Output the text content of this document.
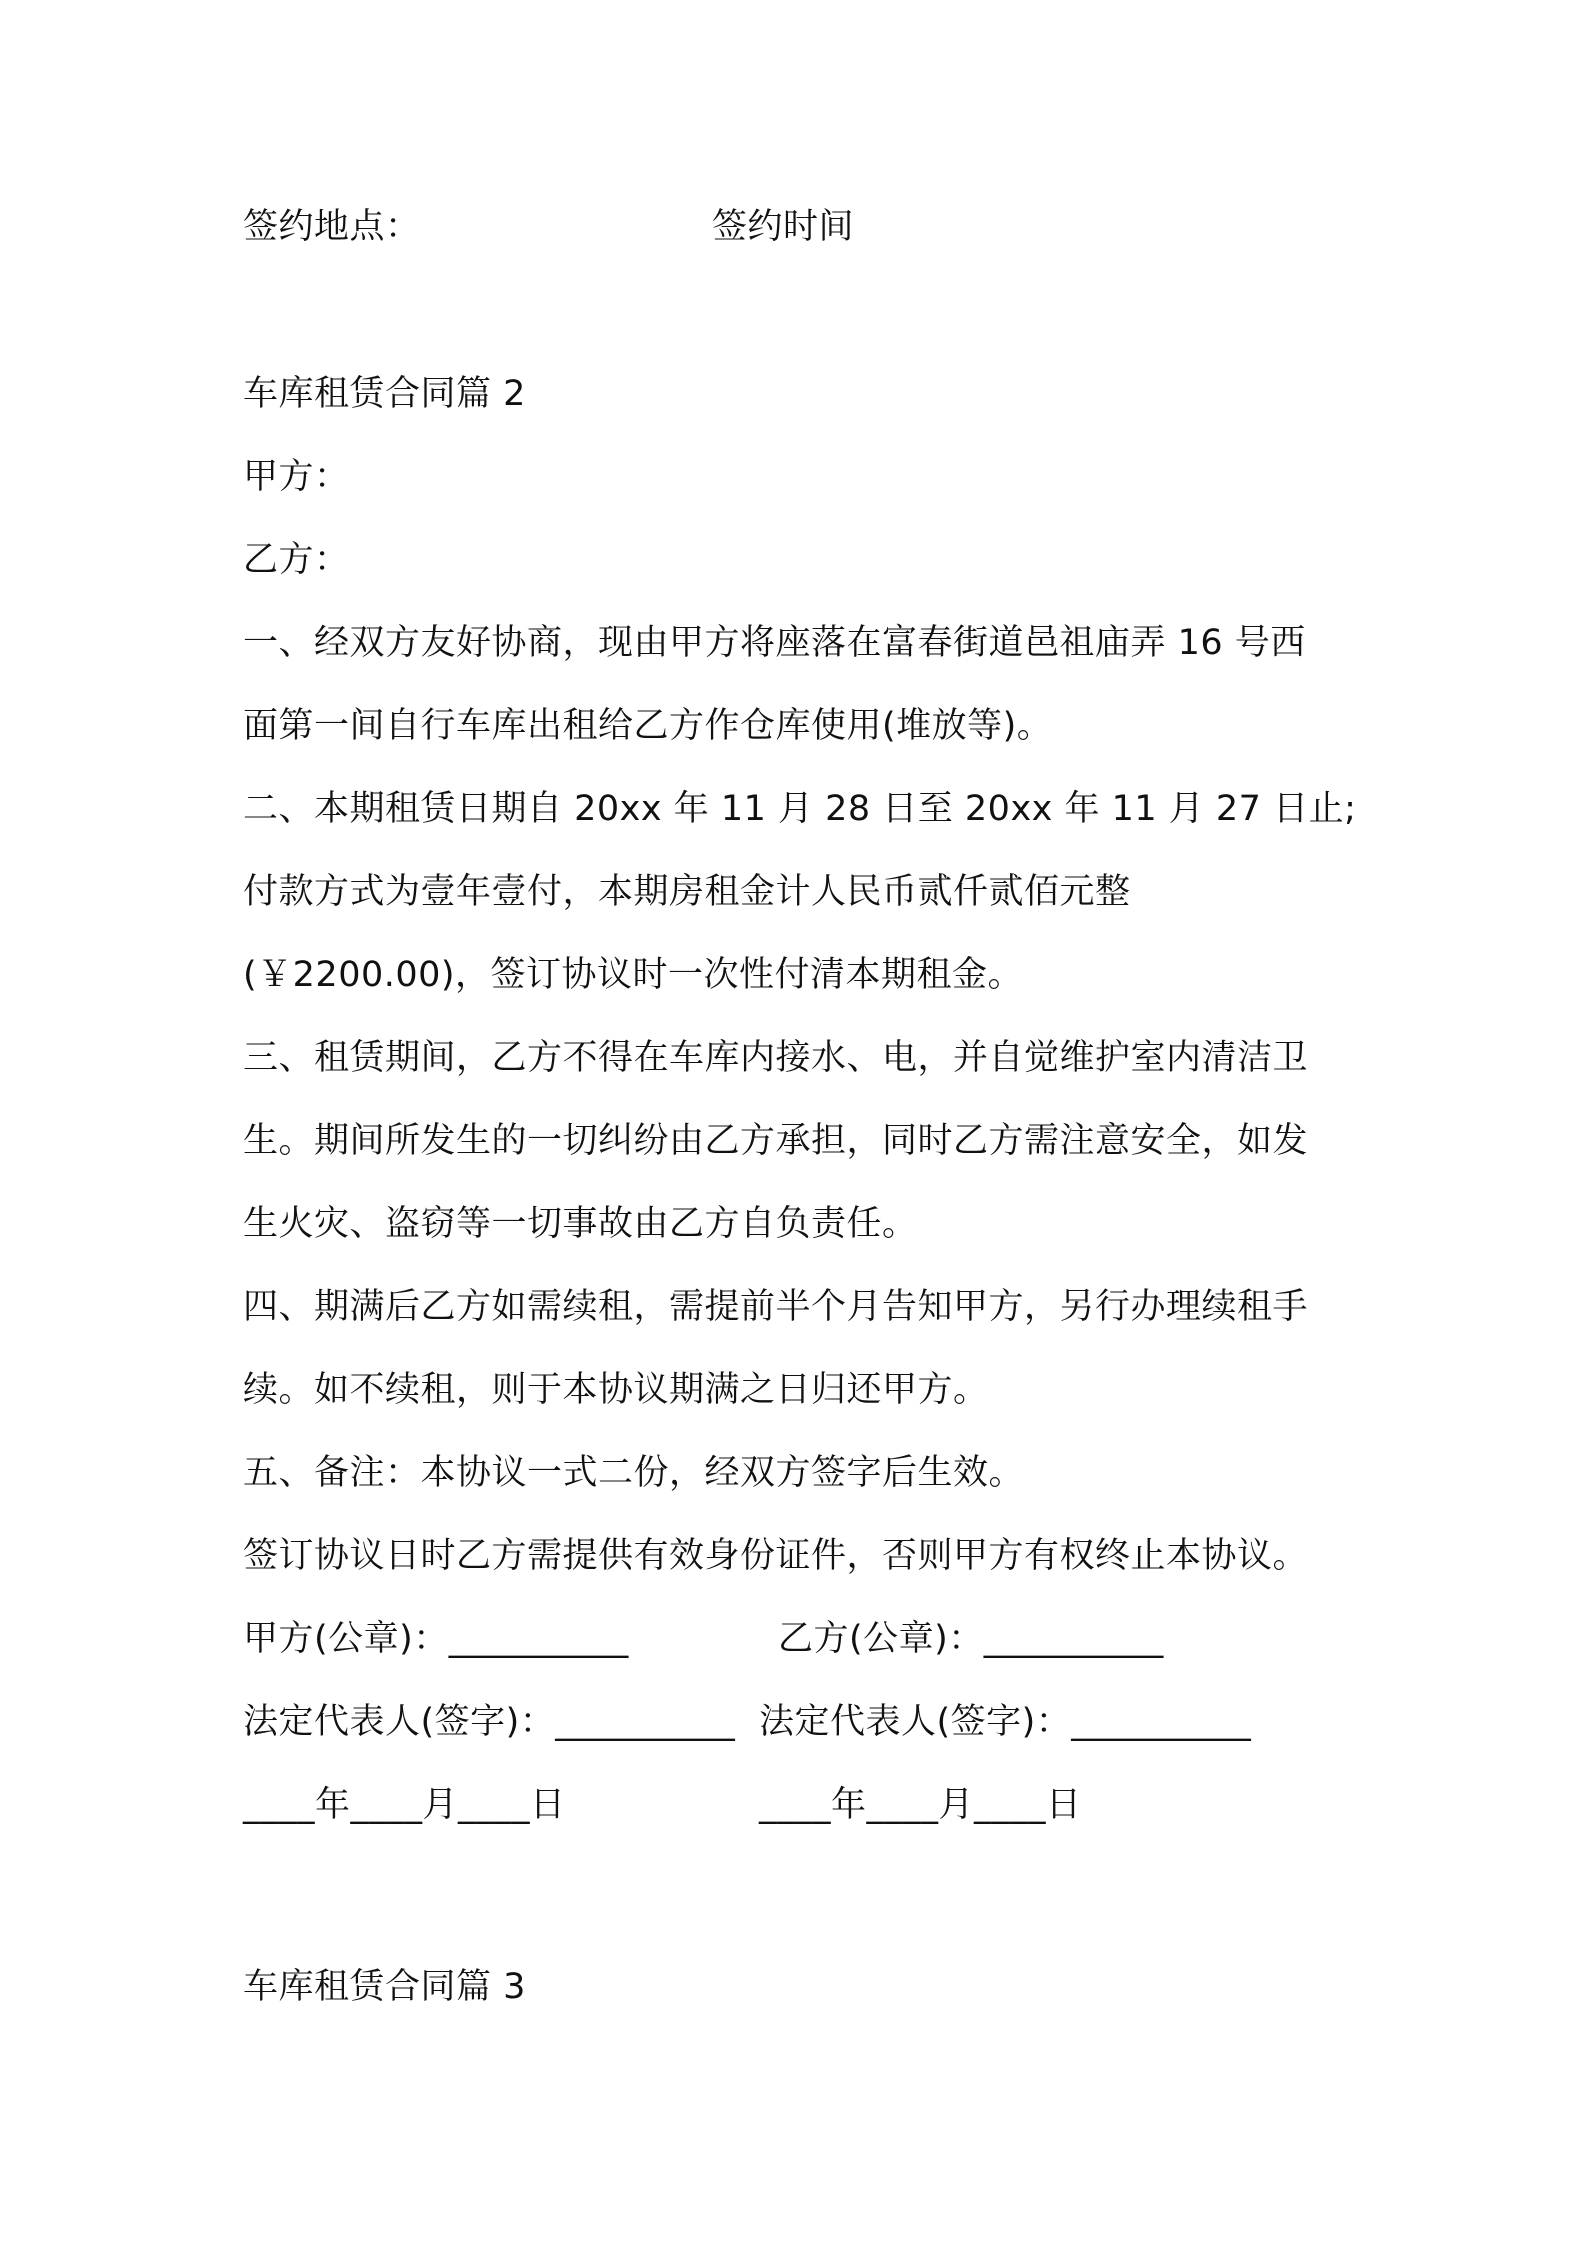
签约地点：	签约时间
车库租赁合同篇 2
甲方：
乙方：
一、经双方友好协商，现由甲方将座落在富春街道邑祖庙弄 16 号西
面第一间自行车库出租给乙方作仓库使用(堆放等)。
二、本期租赁日期自 20xx 年 11 月 28 日至 20xx 年 11 月 27 日止;
付款方式为壹年壹付，本期房租金计人民币贰仟贰佰元整
(￥2200.00)，签订协议时一次性付清本期租金。
三、租赁期间，乙方不得在车库内接水、电，并自觉维护室内清洁卫
生。期间所发生的一切纠纷由乙方承担，同时乙方需注意安全，如发
生火灾、盗窃等一切事故由乙方自负责任。
四、期满后乙方如需续租，需提前半个月告知甲方，另行办理续租手
续。如不续租，则于本协议期满之日归还甲方。
五、备注：本协议一式二份，经双方签字后生效。
签订协议日时乙方需提供有效身份证件，否则甲方有权终止本协议。
甲方(公章)：__________	乙方(公章)：__________
法定代表人(签字)：__________ 法定代表人(签字)：__________
____年____月____日	____年____月____日
车库租赁合同篇 3
